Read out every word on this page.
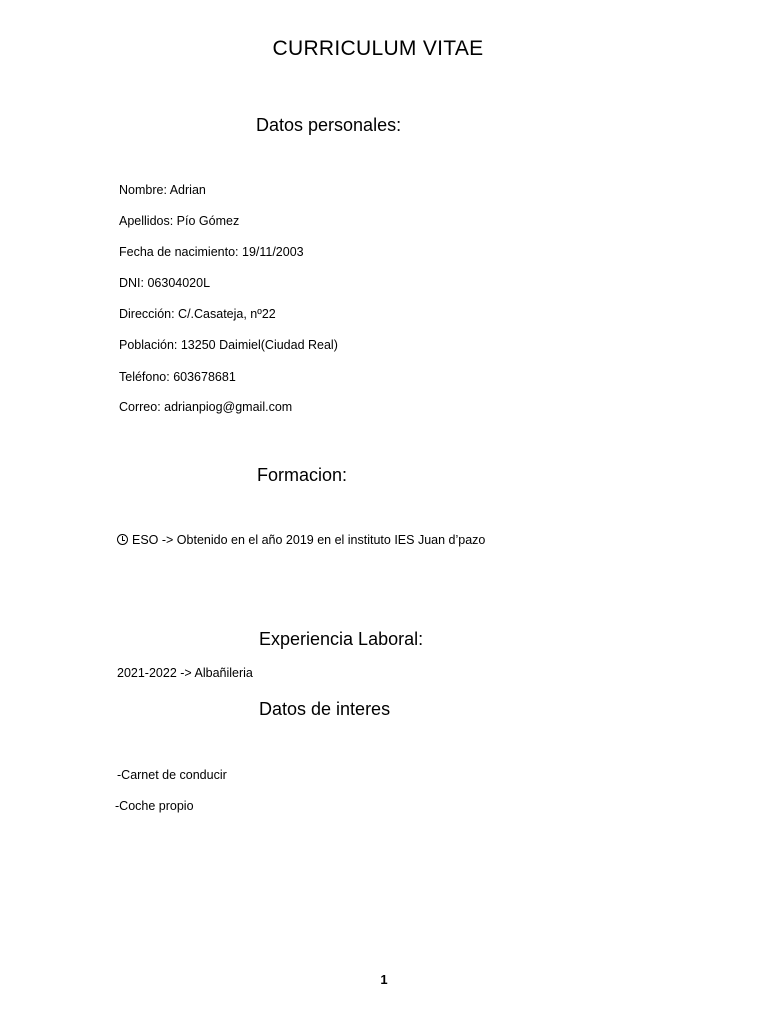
CURRICULUM VITAE
Datos personales:
Nombre: Adrian
Apellidos: Pío Gómez
Fecha de nacimiento: 19/11/2003
DNI: 06304020L
Dirección: C/.Casateja, nº22
Población: 13250 Daimiel(Ciudad Real)
Teléfono: 603678681
Correo: adrianpiog@gmail.com
Formacion:
ESO -> Obtenido en el año 2019 en el instituto IES Juan d’pazo
Experiencia Laboral:
2021-2022 -> Albañileria
Datos de interes
-Carnet de conducir
-Coche propio
1
